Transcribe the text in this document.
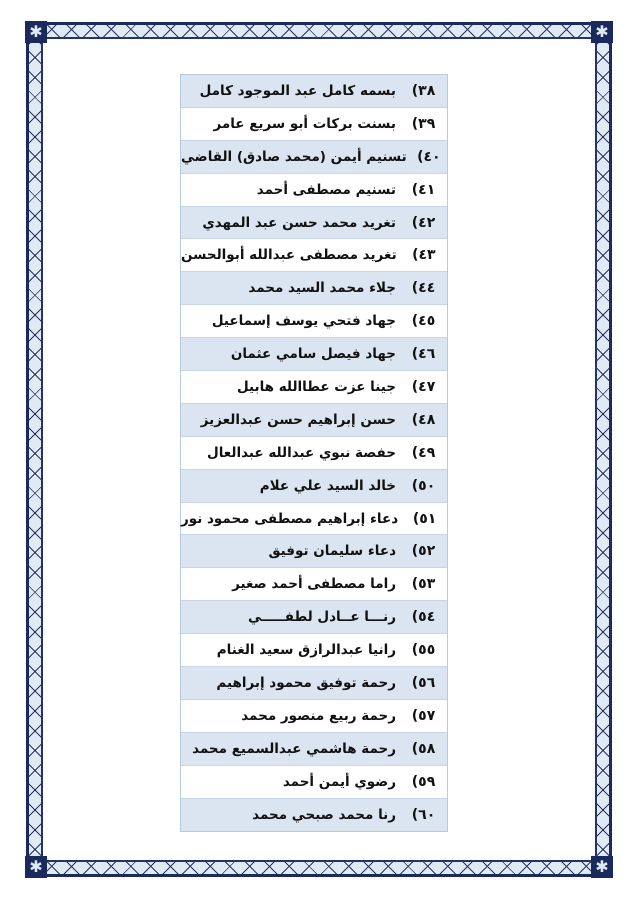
✱	✱
✱	✱
٣٨)
بسمه كامل عبد الموجود كامل
٣٩)
بسنت بركات أبو سريع عامر
٤٠)
تسنيم أيمن (محمد صادق) القاضي
٤١)
تسنيم مصطفى أحمد
٤٢)
تغريد محمد حسن عبد المهدي
٤٣)
تغريد مصطفى عبدالله أبوالحسن
٤٤)
جلاء محمد السيد محمد
٤٥)
جهاد فتحي يوسف إسماعيل
٤٦)
جهاد فيصل سامي عثمان
٤٧)
جينا عزت عطاالله هابيل
٤٨)
حسن إبراهيم حسن عبدالعزيز
٤٩)
حفصة نبوي عبدالله عبدالعال
٥٠)
خالد السيد علي علام
٥١)
دعاء إبراهيم مصطفى محمود نور
٥٢)
دعاء سليمان توفيق
٥٣)
راما مصطفى أحمد صغير
٥٤)
رنـــا عــادل لطفـــــي
٥٥)
رانيا عبدالرازق سعيد الغنام
٥٦)
رحمة توفيق محمود إبراهيم
٥٧)
رحمة ربيع منصور محمد
٥٨)
رحمة هاشمي عبدالسميع محمد
٥٩)
رضوي أيمن أحمد
٦٠)
رنا محمد صبحي محمد
